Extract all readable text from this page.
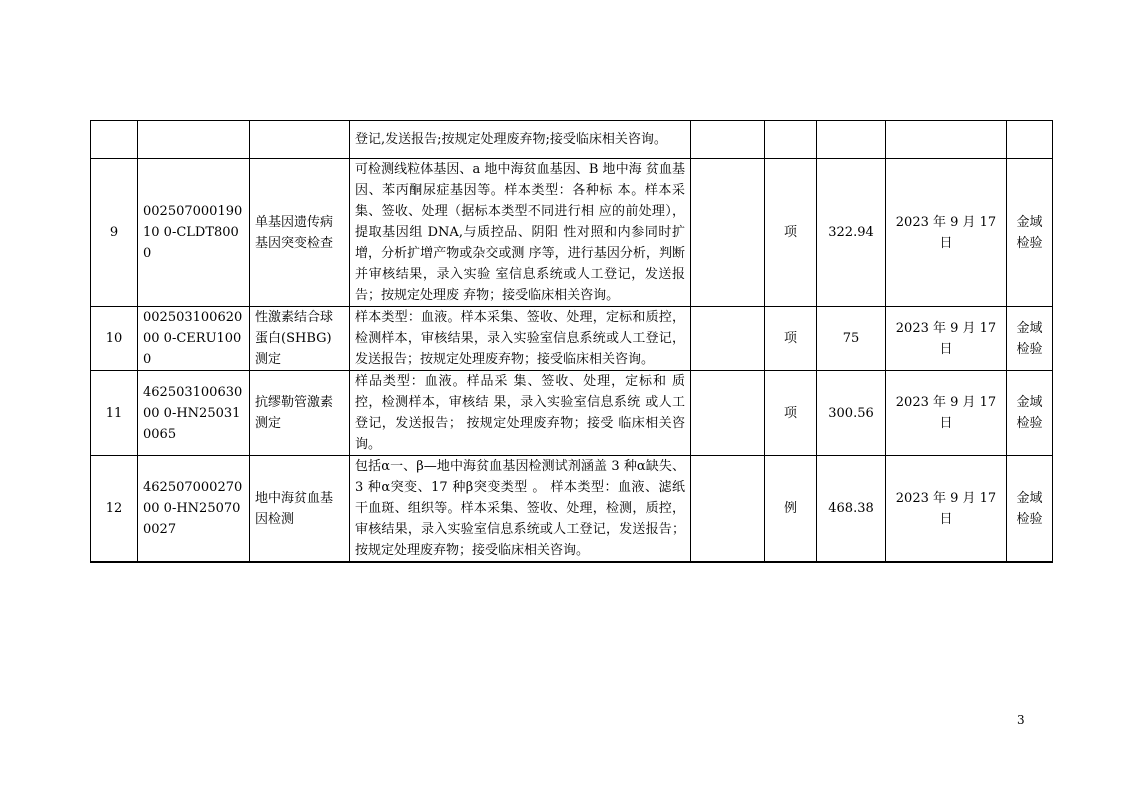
			登记,发送报告;按规定处理废弃物;接受临床相关咨询。					
9	00250700019010 0-CLDT8000	单基因遗传病基因突变检查	可检测线粒体基因、a 地中海贫血基因、B 地中海 贫血基因、苯丙酮尿症基因等。样本类型：各种标 本。样本采集、签收、处理（据标本类型不同进行相 应的前处理），提取基因组 DNA,与质控品、阴阳 性对照和内参同时扩增，分析扩增产物或杂交或测 序等，进行基因分析，判断并审核结果，录入实验 室信息系统或人工登记，发送报告；按规定处理废 弃物；接受临床相关咨询。		项	322.94	2023 年 9 月 17 日	金域检验
10	00250310062000 0-CERU1000	性激素结合球蛋白(SHBG)测定	样本类型：血液。样本采集、签收、处理，定标和质控，检测样本，审核结果，录入实验室信息系统或人工登记，发送报告；按规定处理废弃物；接受临床相关咨询。		项	75	2023 年 9 月 17 日	金域检验
11	46250310063000 0-HN250310065	抗缪勒管激素测定	样品类型：血液。样品采 集、签收、处理，定标和 质控，检测样本，审核结 果，录入实验室信息系统 或人工登记，发送报告； 按规定处理废弃物；接受 临床相关咨询。		项	300.56	2023 年 9 月 17 日	金域检验
12	46250700027000 0-HN250700027	地中海贫血基因检测	包括α一、β—地中海贫血基因检测试剂涵盖 3 种α缺失、3 种α突变、17 种β突变类型 。 样本类型：血液、滤纸干血斑、组织等。样本采集、签收、处理，检测，质控，审核结果，录入实验室信息系统或人工登记，发送报告；按规定处理废弃物；接受临床相关咨询。		例	468.38	2023 年 9 月 17 日	金域检验
3
